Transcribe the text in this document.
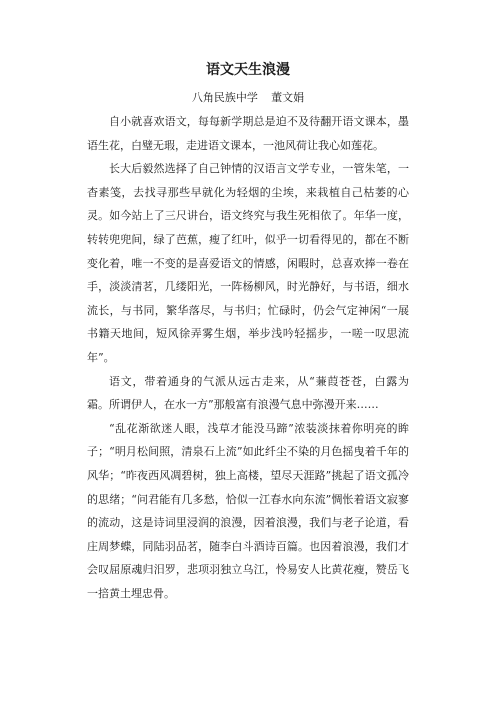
语文天生浪漫

八角民族中学 董文娟

自小就喜欢语文，每每新学期总是迫不及待翻开语文课本，墨语生花，白璧无瑕，走进语文课本，一池风荷让我心如莲花。

长大后毅然选择了自己钟情的汉语言文学专业，一管朱笔，一杳素笺，去找寻那些早就化为轻烟的尘埃，来栽植自己枯萎的心灵。如今站上了三尺讲台，语文终究与我生死相依了。年华一度，转转兜兜间，绿了芭蕉，瘦了红叶，似乎一切看得见的，都在不断变化着，唯一不变的是喜爱语文的情感，闲暇时，总喜欢捧一卷在手，淡淡清茗，几缕阳光，一阵杨柳风，时光静好，与书语，细水流长，与书同，繁华落尽，与书归；忙碌时，仍会气定神闲“一展书籍天地间，短风徐弄雾生烟，举步浅吟轻摇步，一嗟一叹思流年”。

语文，带着通身的气派从远古走来，从“蒹葭苍苍，白露为霜。所谓伊人，在水一方”那般富有浪漫气息中弥漫开来……

“乱花渐欲迷人眼，浅草才能没马蹄”浓装淡抹着你明亮的眸子；“明月松间照，清泉石上流”如此纤尘不染的月色摇曳着千年的风华；“昨夜西风凋碧树，独上高楼，望尽天涯路”挑起了语文孤冷的思绪；“问君能有几多愁，恰似一江春水向东流”惆怅着语文寂寥的流动，这是诗词里浸润的浪漫，因着浪漫，我们与老子论道，看庄周梦蝶，同陆羽品茗，随李白斗酒诗百篇。也因着浪漫，我们才会叹屈原魂归汨罗，悲项羽独立乌江，怜易安人比黄花瘦，赞岳飞一掊黄土埋忠骨。
